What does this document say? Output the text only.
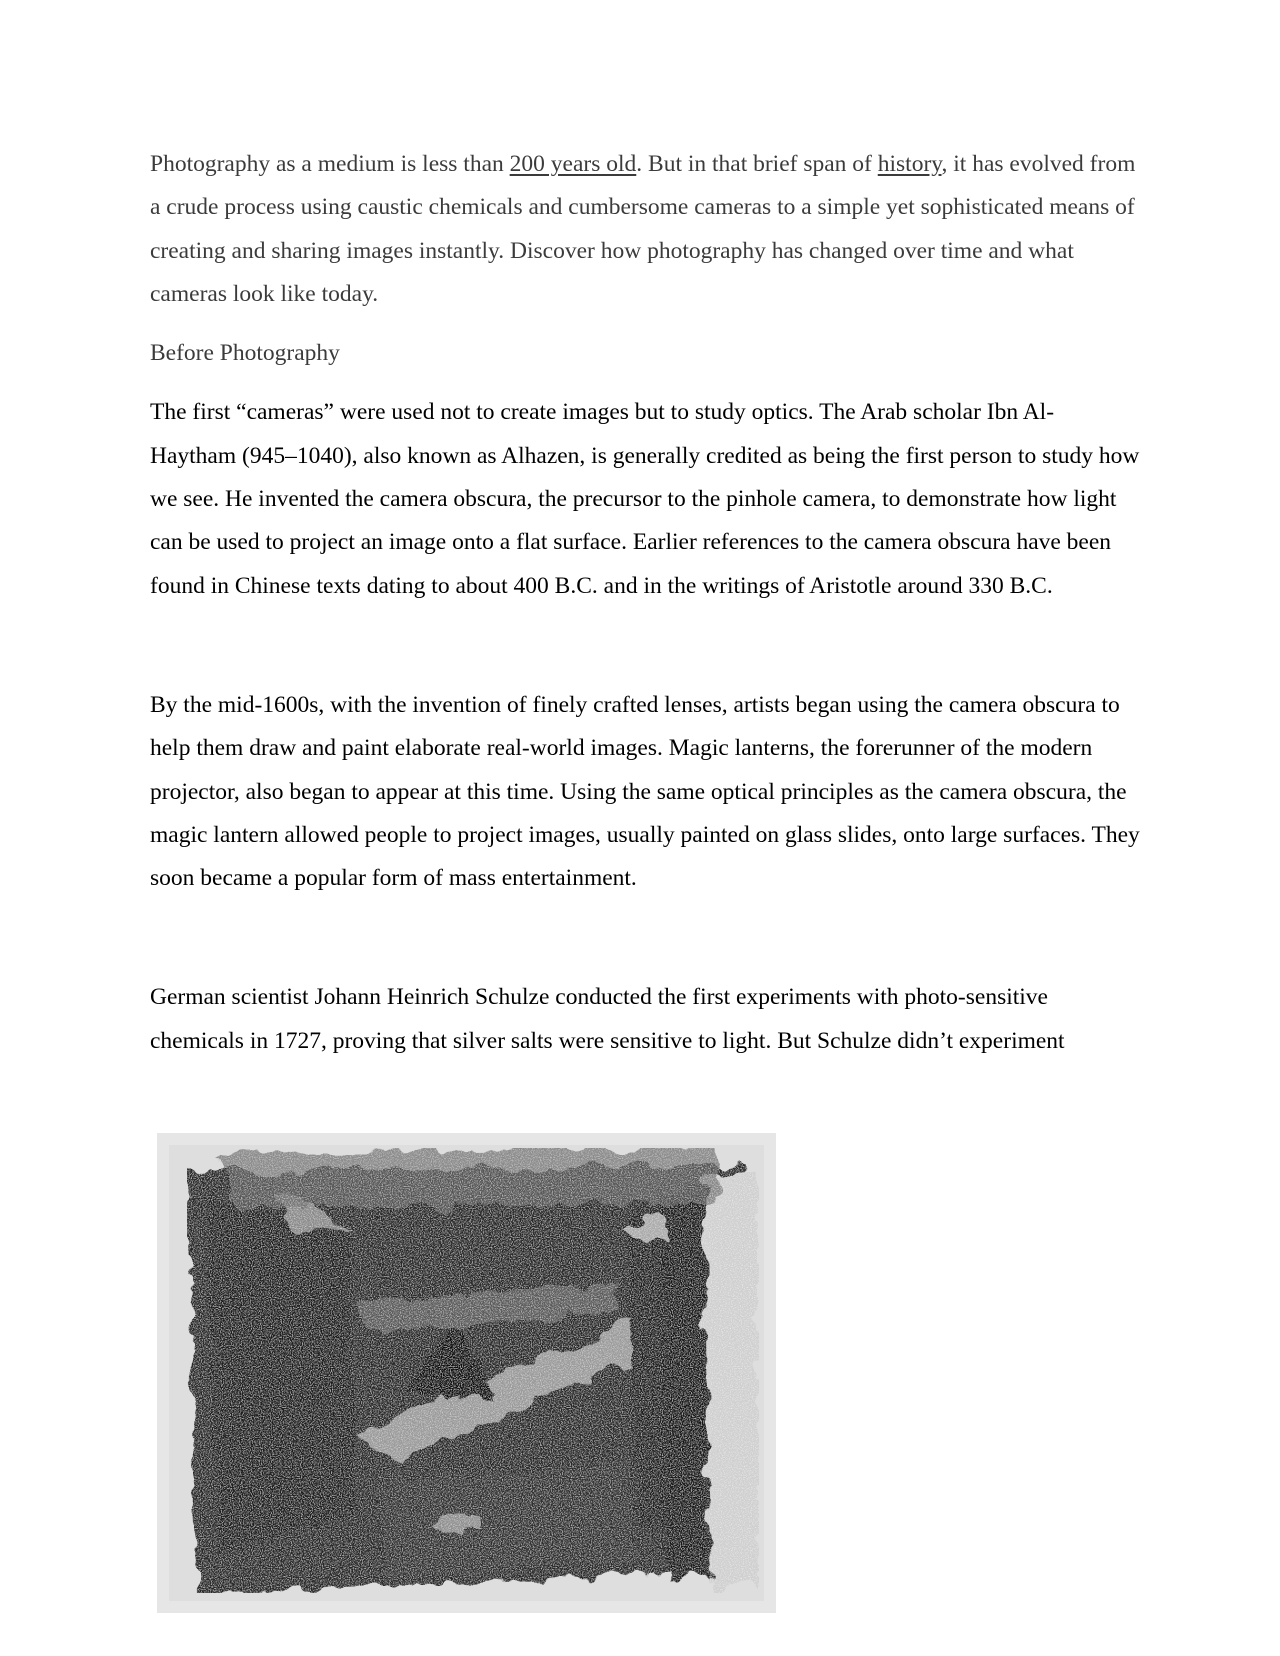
Photography as a medium is less than 200 years old. But in that brief span of history, it has evolved from a crude process using caustic chemicals and cumbersome cameras to a simple yet sophisticated means of creating and sharing images instantly. Discover how photography has changed over time and what cameras look like today.

Before Photography

The first “cameras” were used not to create images but to study optics. The Arab scholar Ibn Al-Haytham (945–1040), also known as Alhazen, is generally credited as being the first person to study how we see. He invented the camera obscura, the precursor to the pinhole camera, to demonstrate how light can be used to project an image onto a flat surface. Earlier references to the camera obscura have been found in Chinese texts dating to about 400 B.C. and in the writings of Aristotle around 330 B.C.

By the mid-1600s, with the invention of finely crafted lenses, artists began using the camera obscura to help them draw and paint elaborate real-world images. Magic lanterns, the forerunner of the modern projector, also began to appear at this time. Using the same optical principles as the camera obscura, the magic lantern allowed people to project images, usually painted on glass slides, onto large surfaces. They soon became a popular form of mass entertainment.

German scientist Johann Heinrich Schulze conducted the first experiments with photo-sensitive chemicals in 1727, proving that silver salts were sensitive to light. But Schulze didn’t experiment
